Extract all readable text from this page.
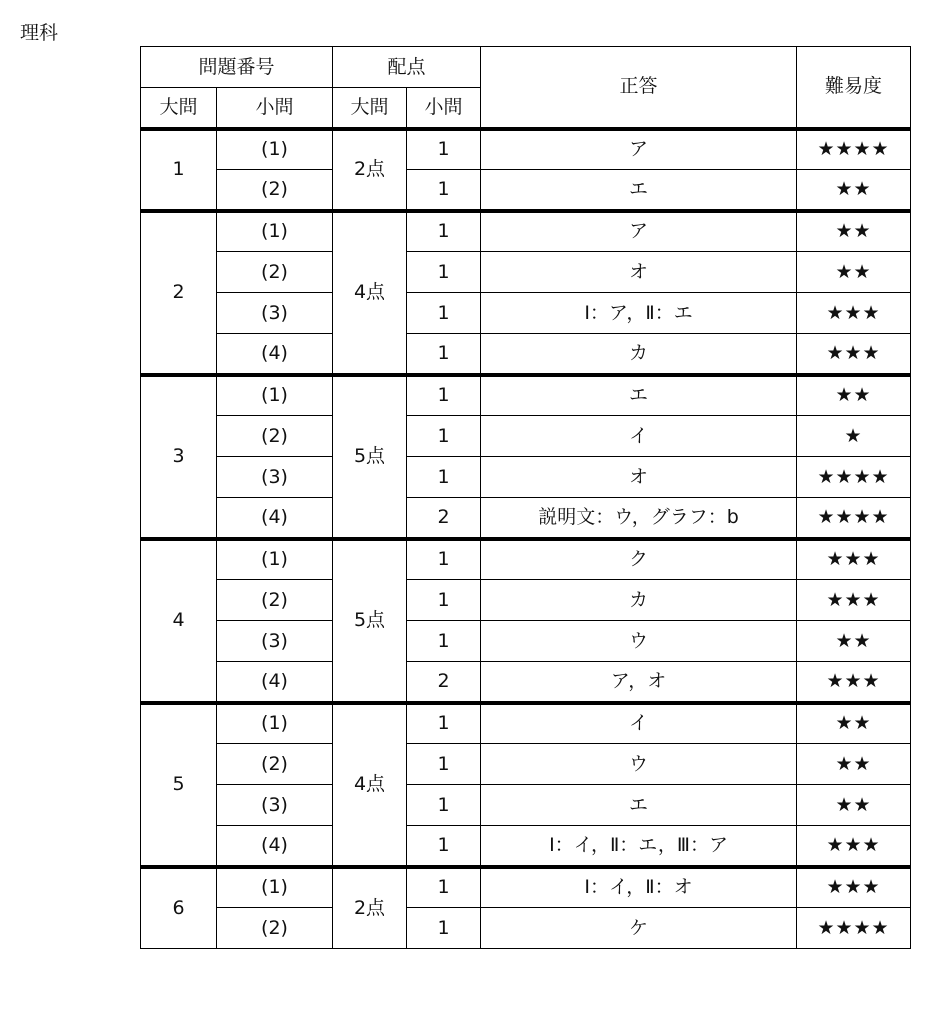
理科
問題番号		配点		正答	難易度
大問	小問	大問	小問		
1	(1)	2点	1	ア	★★★★
	(2)		1	エ	★★
2	(1)	4点	1	ア	★★
	(2)		1	オ	★★
	(3)		1	Ⅰ：ア，Ⅱ：エ	★★★
	(4)		1	カ	★★★
3	(1)	5点	1	エ	★★
	(2)		1	イ	★
	(3)		1	オ	★★★★
	(4)		2	説明文：ウ，グラフ：b	★★★★
4	(1)	5点	1	ク	★★★
	(2)		1	カ	★★★
	(3)		1	ウ	★★
	(4)		2	ア，オ	★★★
5	(1)	4点	1	イ	★★
	(2)		1	ウ	★★
	(3)		1	エ	★★
	(4)		1	Ⅰ：イ，Ⅱ：エ，Ⅲ：ア	★★★
6	(1)	2点	1	Ⅰ：イ，Ⅱ：オ	★★★
	(2)		1	ケ	★★★★
